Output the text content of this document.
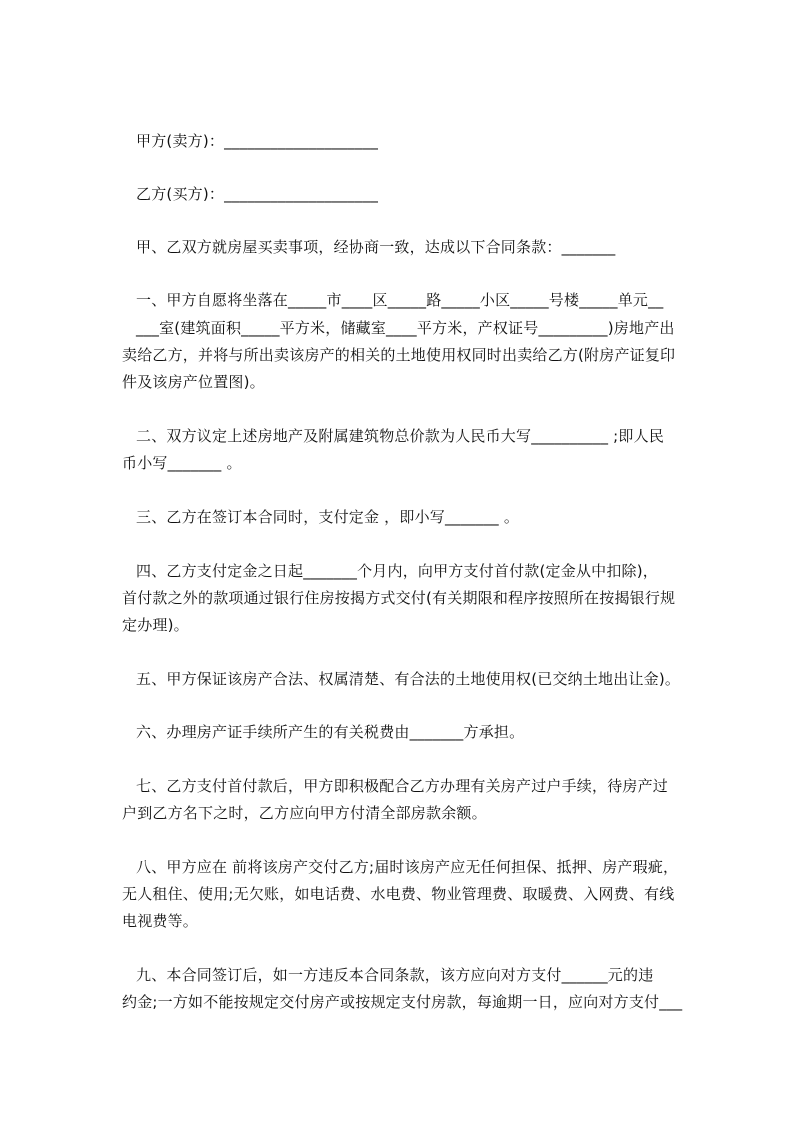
甲方(卖方)：____________________
乙方(买方)：____________________
甲、乙双方就房屋买卖事项，经协商一致，达成以下合同条款：_______
一、甲方自愿将坐落在_____市____区_____路_____小区_____号楼_____单元__
___室(建筑面积_____平方米，储藏室____平方米，产权证号_________)房地产出
卖给乙方，并将与所出卖该房产的相关的土地使用权同时出卖给乙方(附房产证复印
件及该房产位置图)。
二、双方议定上述房地产及附属建筑物总价款为人民币大写__________ ;即人民
币小写_______ 。
三、乙方在签订本合同时，支付定金 ，即小写_______ 。
四、乙方支付定金之日起_______个月内，向甲方支付首付款(定金从中扣除)，
首付款之外的款项通过银行住房按揭方式交付(有关期限和程序按照所在按揭银行规
定办理)。
五、甲方保证该房产合法、权属清楚、有合法的土地使用权(已交纳土地出让金)。
六、办理房产证手续所产生的有关税费由_______方承担。
七、乙方支付首付款后，甲方即积极配合乙方办理有关房产过户手续，待房产过
户到乙方名下之时，乙方应向甲方付清全部房款余额。
八、甲方应在 前将该房产交付乙方;届时该房产应无任何担保、抵押、房产瑕疵，
无人租住、使用;无欠账，如电话费、水电费、物业管理费、取暖费、入网费、有线
电视费等。
九、本合同签订后，如一方违反本合同条款，该方应向对方支付______元的违
约金;一方如不能按规定交付房产或按规定支付房款，每逾期一日，应向对方支付___
